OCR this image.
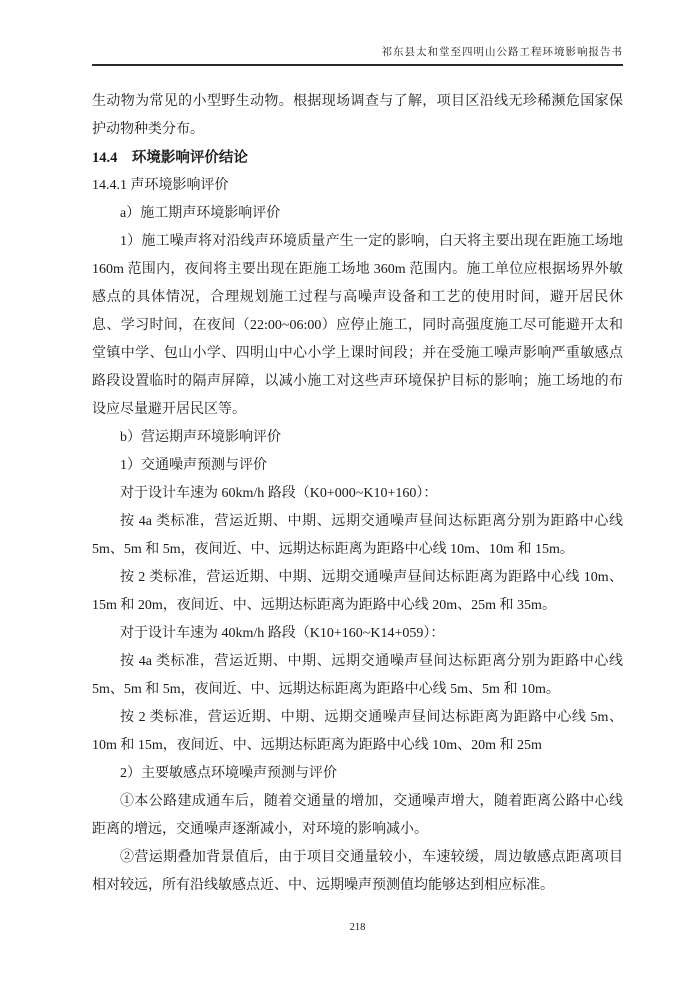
祁东县太和堂至四明山公路工程环境影响报告书

生动物为常见的小型野生动物。根据现场调查与了解，项目区沿线无珍稀濒危国家保护动物种类分布。

14.4　环境影响评价结论

14.4.1 声环境影响评价

a）施工期声环境影响评价

1）施工噪声将对沿线声环境质量产生一定的影响，白天将主要出现在距施工场地 160m 范围内，夜间将主要出现在距施工场地 360m 范围内。施工单位应根据场界外敏感点的具体情况，合理规划施工过程与高噪声设备和工艺的使用时间，避开居民休息、学习时间，在夜间（22:00~06:00）应停止施工，同时高强度施工尽可能避开太和堂镇中学、包山小学、四明山中心小学上课时间段；并在受施工噪声影响严重敏感点路段设置临时的隔声屏障，以减小施工对这些声环境保护目标的影响；施工场地的布设应尽量避开居民区等。

b）营运期声环境影响评价

1）交通噪声预测与评价

对于设计车速为 60km/h 路段（K0+000~K10+160）：

按 4a 类标准，营运近期、中期、远期交通噪声昼间达标距离分别为距路中心线 5m、5m 和 5m，夜间近、中、远期达标距离为距路中心线 10m、10m 和 15m。

按 2 类标准，营运近期、中期、远期交通噪声昼间达标距离为距路中心线 10m、15m 和 20m，夜间近、中、远期达标距离为距路中心线 20m、25m 和 35m。

对于设计车速为 40km/h 路段（K10+160~K14+059）：

按 4a 类标准，营运近期、中期、远期交通噪声昼间达标距离分别为距路中心线 5m、5m 和 5m，夜间近、中、远期达标距离为距路中心线 5m、5m 和 10m。

按 2 类标准，营运近期、中期、远期交通噪声昼间达标距离为距路中心线 5m、10m 和 15m，夜间近、中、远期达标距离为距路中心线 10m、20m 和 25m

2）主要敏感点环境噪声预测与评价

①本公路建成通车后，随着交通量的增加，交通噪声增大，随着距离公路中心线距离的增远，交通噪声逐渐减小，对环境的影响减小。

②营运期叠加背景值后，由于项目交通量较小，车速较缓，周边敏感点距离项目相对较远，所有沿线敏感点近、中、远期噪声预测值均能够达到相应标准。

218
